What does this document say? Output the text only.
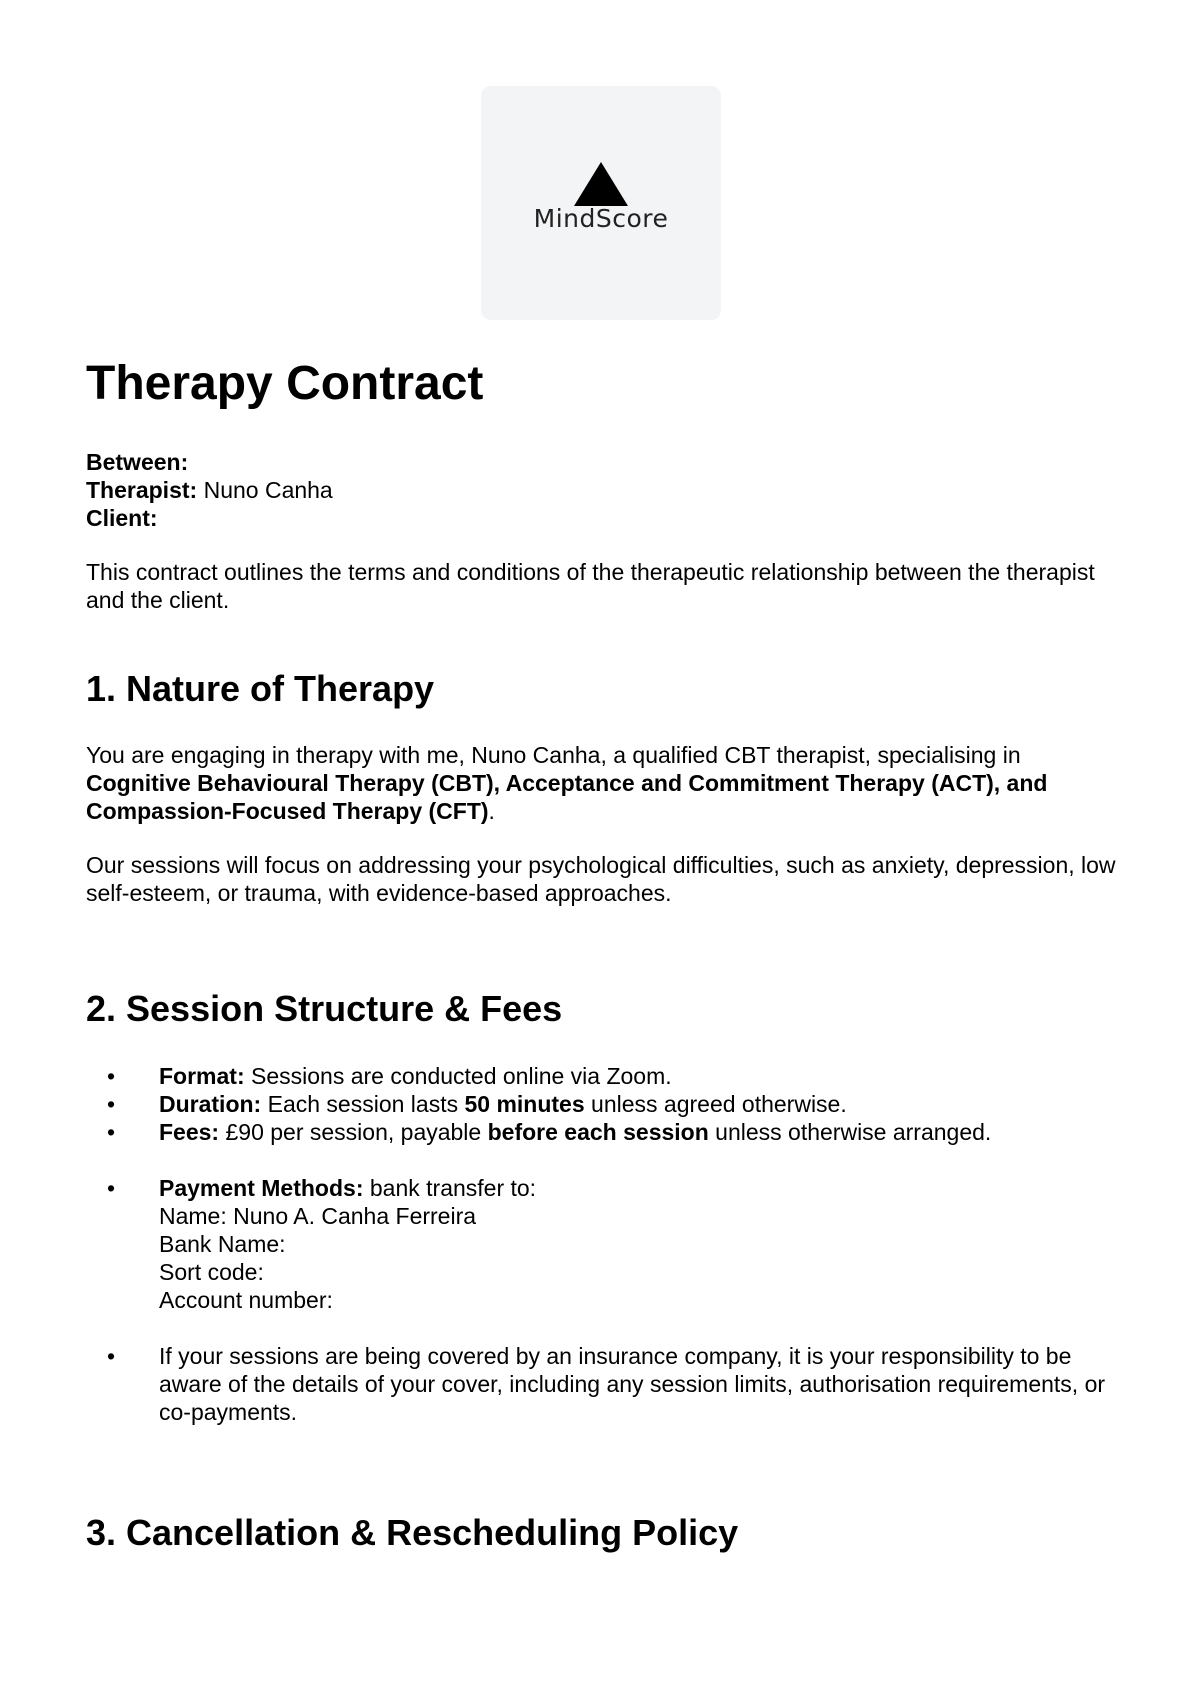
MindScore
Therapy Contract
Between:
Therapist: Nuno Canha
Client:
This contract outlines the terms and conditions of the therapeutic relationship between the therapist and the client.
1. Nature of Therapy
You are engaging in therapy with me, Nuno Canha, a qualified CBT therapist, specialising in Cognitive Behavioural Therapy (CBT), Acceptance and Commitment Therapy (ACT), and Compassion-Focused Therapy (CFT).
Our sessions will focus on addressing your psychological difficulties, such as anxiety, depression, low self-esteem, or trauma, with evidence-based approaches.
2. Session Structure & Fees
•	Format: Sessions are conducted online via Zoom.
•	Duration: Each session lasts 50 minutes unless agreed otherwise.
•	Fees: £90 per session, payable before each session unless otherwise arranged.
•	Payment Methods: bank transfer to:
Name: Nuno A. Canha Ferreira
Bank Name:
Sort code:
Account number:
•	If your sessions are being covered by an insurance company, it is your responsibility to be aware of the details of your cover, including any session limits, authorisation requirements, or co-payments.
3. Cancellation & Rescheduling Policy
